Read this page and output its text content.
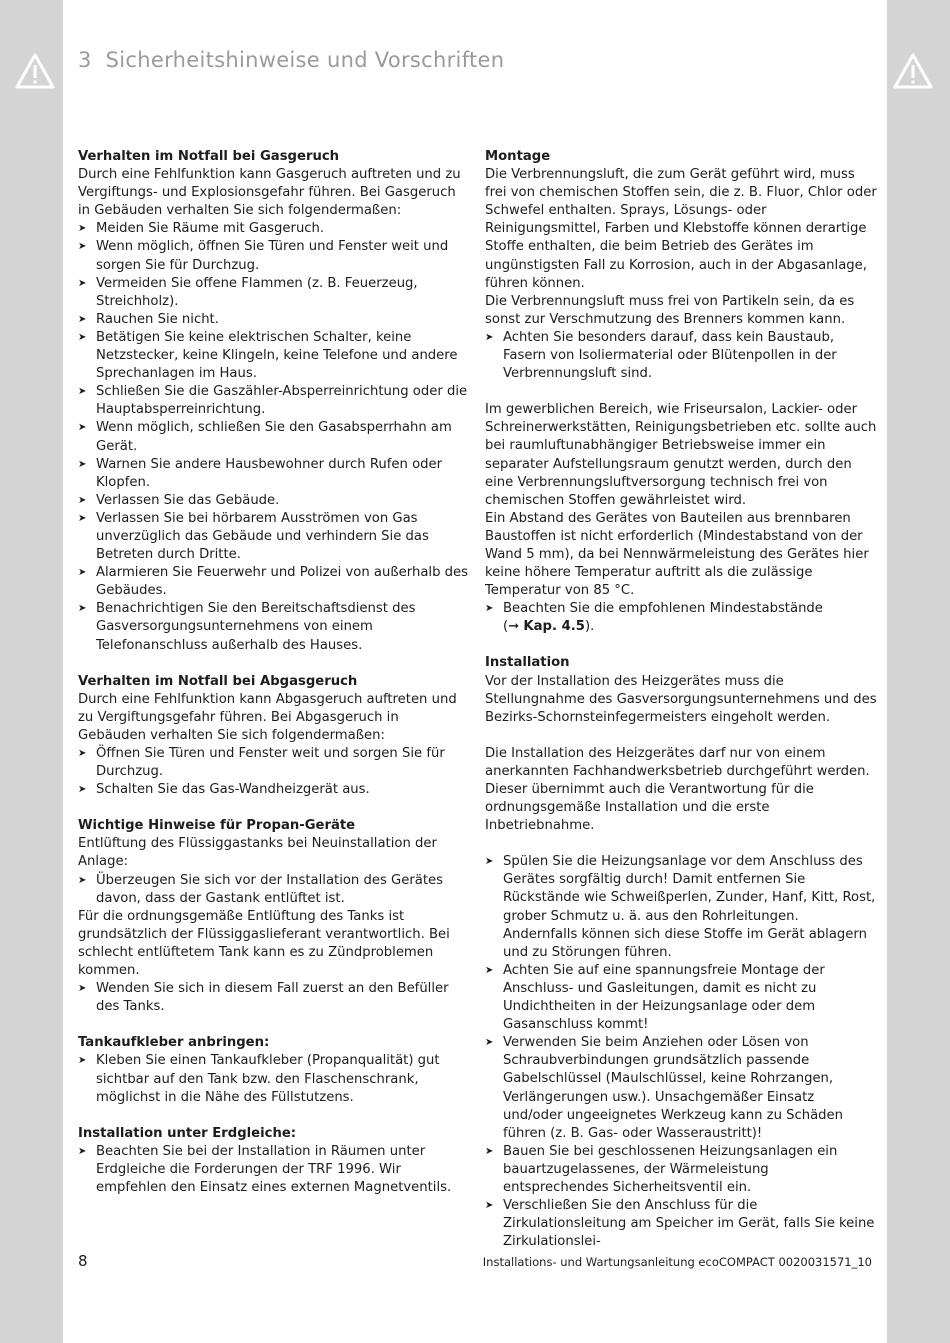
3 Sicherheitshinweise und Vorschriften

Verhalten im Notfall bei Gasgeruch

Durch eine Fehlfunktion kann Gasgeruch auftreten und zu Vergiftungs- und Explosionsgefahr führen. Bei Gasgeruch in Gebäuden verhalten Sie sich folgendermaßen:

➤ Meiden Sie Räume mit Gasgeruch.
➤ Wenn möglich, öffnen Sie Türen und Fenster weit und sorgen Sie für Durchzug.
➤ Vermeiden Sie offene Flammen (z. B. Feuerzeug, Streichholz).
➤ Rauchen Sie nicht.
➤ Betätigen Sie keine elektrischen Schalter, keine Netzstecker, keine Klingeln, keine Telefone und andere Sprechanlagen im Haus.
➤ Schließen Sie die Gaszähler-Absperreinrichtung oder die Hauptabsperreinrichtung.
➤ Wenn möglich, schließen Sie den Gasabsperrhahn am Gerät.
➤ Warnen Sie andere Hausbewohner durch Rufen oder Klopfen.
➤ Verlassen Sie das Gebäude.
➤ Verlassen Sie bei hörbarem Ausströmen von Gas unverzüglich das Gebäude und verhindern Sie das Betreten durch Dritte.
➤ Alarmieren Sie Feuerwehr und Polizei von außerhalb des Gebäudes.
➤ Benachrichtigen Sie den Bereitschaftsdienst des Gasversorgungsunternehmens von einem Telefonanschluss außerhalb des Hauses.

Verhalten im Notfall bei Abgasgeruch

Durch eine Fehlfunktion kann Abgasgeruch auftreten und zu Vergiftungsgefahr führen. Bei Abgasgeruch in Gebäuden verhalten Sie sich folgendermaßen:

➤ Öffnen Sie Türen und Fenster weit und sorgen Sie für Durchzug.
➤ Schalten Sie das Gas-Wandheizgerät aus.

Wichtige Hinweise für Propan-Geräte

Entlüftung des Flüssiggastanks bei Neuinstallation der Anlage:

➤ Überzeugen Sie sich vor der Installation des Gerätes davon, dass der Gastank entlüftet ist.

Für die ordnungsgemäße Entlüftung des Tanks ist grundsätzlich der Flüssiggaslieferant verantwortlich. Bei schlecht entlüftetem Tank kann es zu Zündproblemen kommen.

➤ Wenden Sie sich in diesem Fall zuerst an den Befüller des Tanks.

Tankaufkleber anbringen:

➤ Kleben Sie einen Tankaufkleber (Propanqualität) gut sichtbar auf den Tank bzw. den Flaschenschrank, möglichst in die Nähe des Füllstutzens.

Installation unter Erdgleiche:

➤ Beachten Sie bei der Installation in Räumen unter Erdgleiche die Forderungen der TRF 1996. Wir empfehlen den Einsatz eines externen Magnetventils.

Montage

Die Verbrennungsluft, die zum Gerät geführt wird, muss frei von chemischen Stoffen sein, die z. B. Fluor, Chlor oder Schwefel enthalten. Sprays, Lösungs- oder Reinigungsmittel, Farben und Klebstoffe können derartige Stoffe enthalten, die beim Betrieb des Gerätes im ungünstigsten Fall zu Korrosion, auch in der Abgasanlage, führen können.

Die Verbrennungsluft muss frei von Partikeln sein, da es sonst zur Verschmutzung des Brenners kommen kann.

➤ Achten Sie besonders darauf, dass kein Baustaub, Fasern von Isoliermaterial oder Blütenpollen in der Verbrennungsluft sind.

Im gewerblichen Bereich, wie Friseursalon, Lackier- oder Schreinerwerkstätten, Reinigungsbetrieben etc. sollte auch bei raumluftunabhängiger Betriebsweise immer ein separater Aufstellungsraum genutzt werden, durch den eine Verbrennungsluftversorgung technisch frei von chemischen Stoffen gewährleistet wird.

Ein Abstand des Gerätes von Bauteilen aus brennbaren Baustoffen ist nicht erforderlich (Mindestabstand von der Wand 5 mm), da bei Nennwärmeleistung des Gerätes hier keine höhere Temperatur auftritt als die zulässige Temperatur von 85 °C.

➤ Beachten Sie die empfohlenen Mindestabstände
(➞ Kap. 4.5).

Installation

Vor der Installation des Heizgerätes muss die Stellungnahme des Gasversorgungsunternehmens und des Bezirks-Schornsteinfegermeisters eingeholt werden.

Die Installation des Heizgerätes darf nur von einem anerkannten Fachhandwerksbetrieb durchgeführt werden. Dieser übernimmt auch die Verantwortung für die ordnungsgemäße Installation und die erste Inbetriebnahme.

➤ Spülen Sie die Heizungsanlage vor dem Anschluss des Gerätes sorgfältig durch! Damit entfernen Sie Rückstände wie Schweißperlen, Zunder, Hanf, Kitt, Rost, grober Schmutz u. ä. aus den Rohrleitungen. Andernfalls können sich diese Stoffe im Gerät ablagern und zu Störungen führen.
➤ Achten Sie auf eine spannungsfreie Montage der Anschluss- und Gasleitungen, damit es nicht zu Undichtheiten in der Heizungsanlage oder dem Gasanschluss kommt!
➤ Verwenden Sie beim Anziehen oder Lösen von Schraubverbindungen grundsätzlich passende Gabelschlüssel (Maulschlüssel, keine Rohrzangen, Verlängerungen usw.). Unsachgemäßer Einsatz und/oder ungeeignetes Werkzeug kann zu Schäden führen (z. B. Gas- oder Wasseraustritt)!
➤ Bauen Sie bei geschlossenen Heizungsanlagen ein bauartzugelassenes, der Wärmeleistung entsprechendes Sicherheitsventil ein.
➤ Verschließen Sie den Anschluss für die Zirkulationsleitung am Speicher im Gerät, falls Sie keine Zirkulationslei-
8	Installations- und Wartungsanleitung ecoCOMPACT 0020031571_10
